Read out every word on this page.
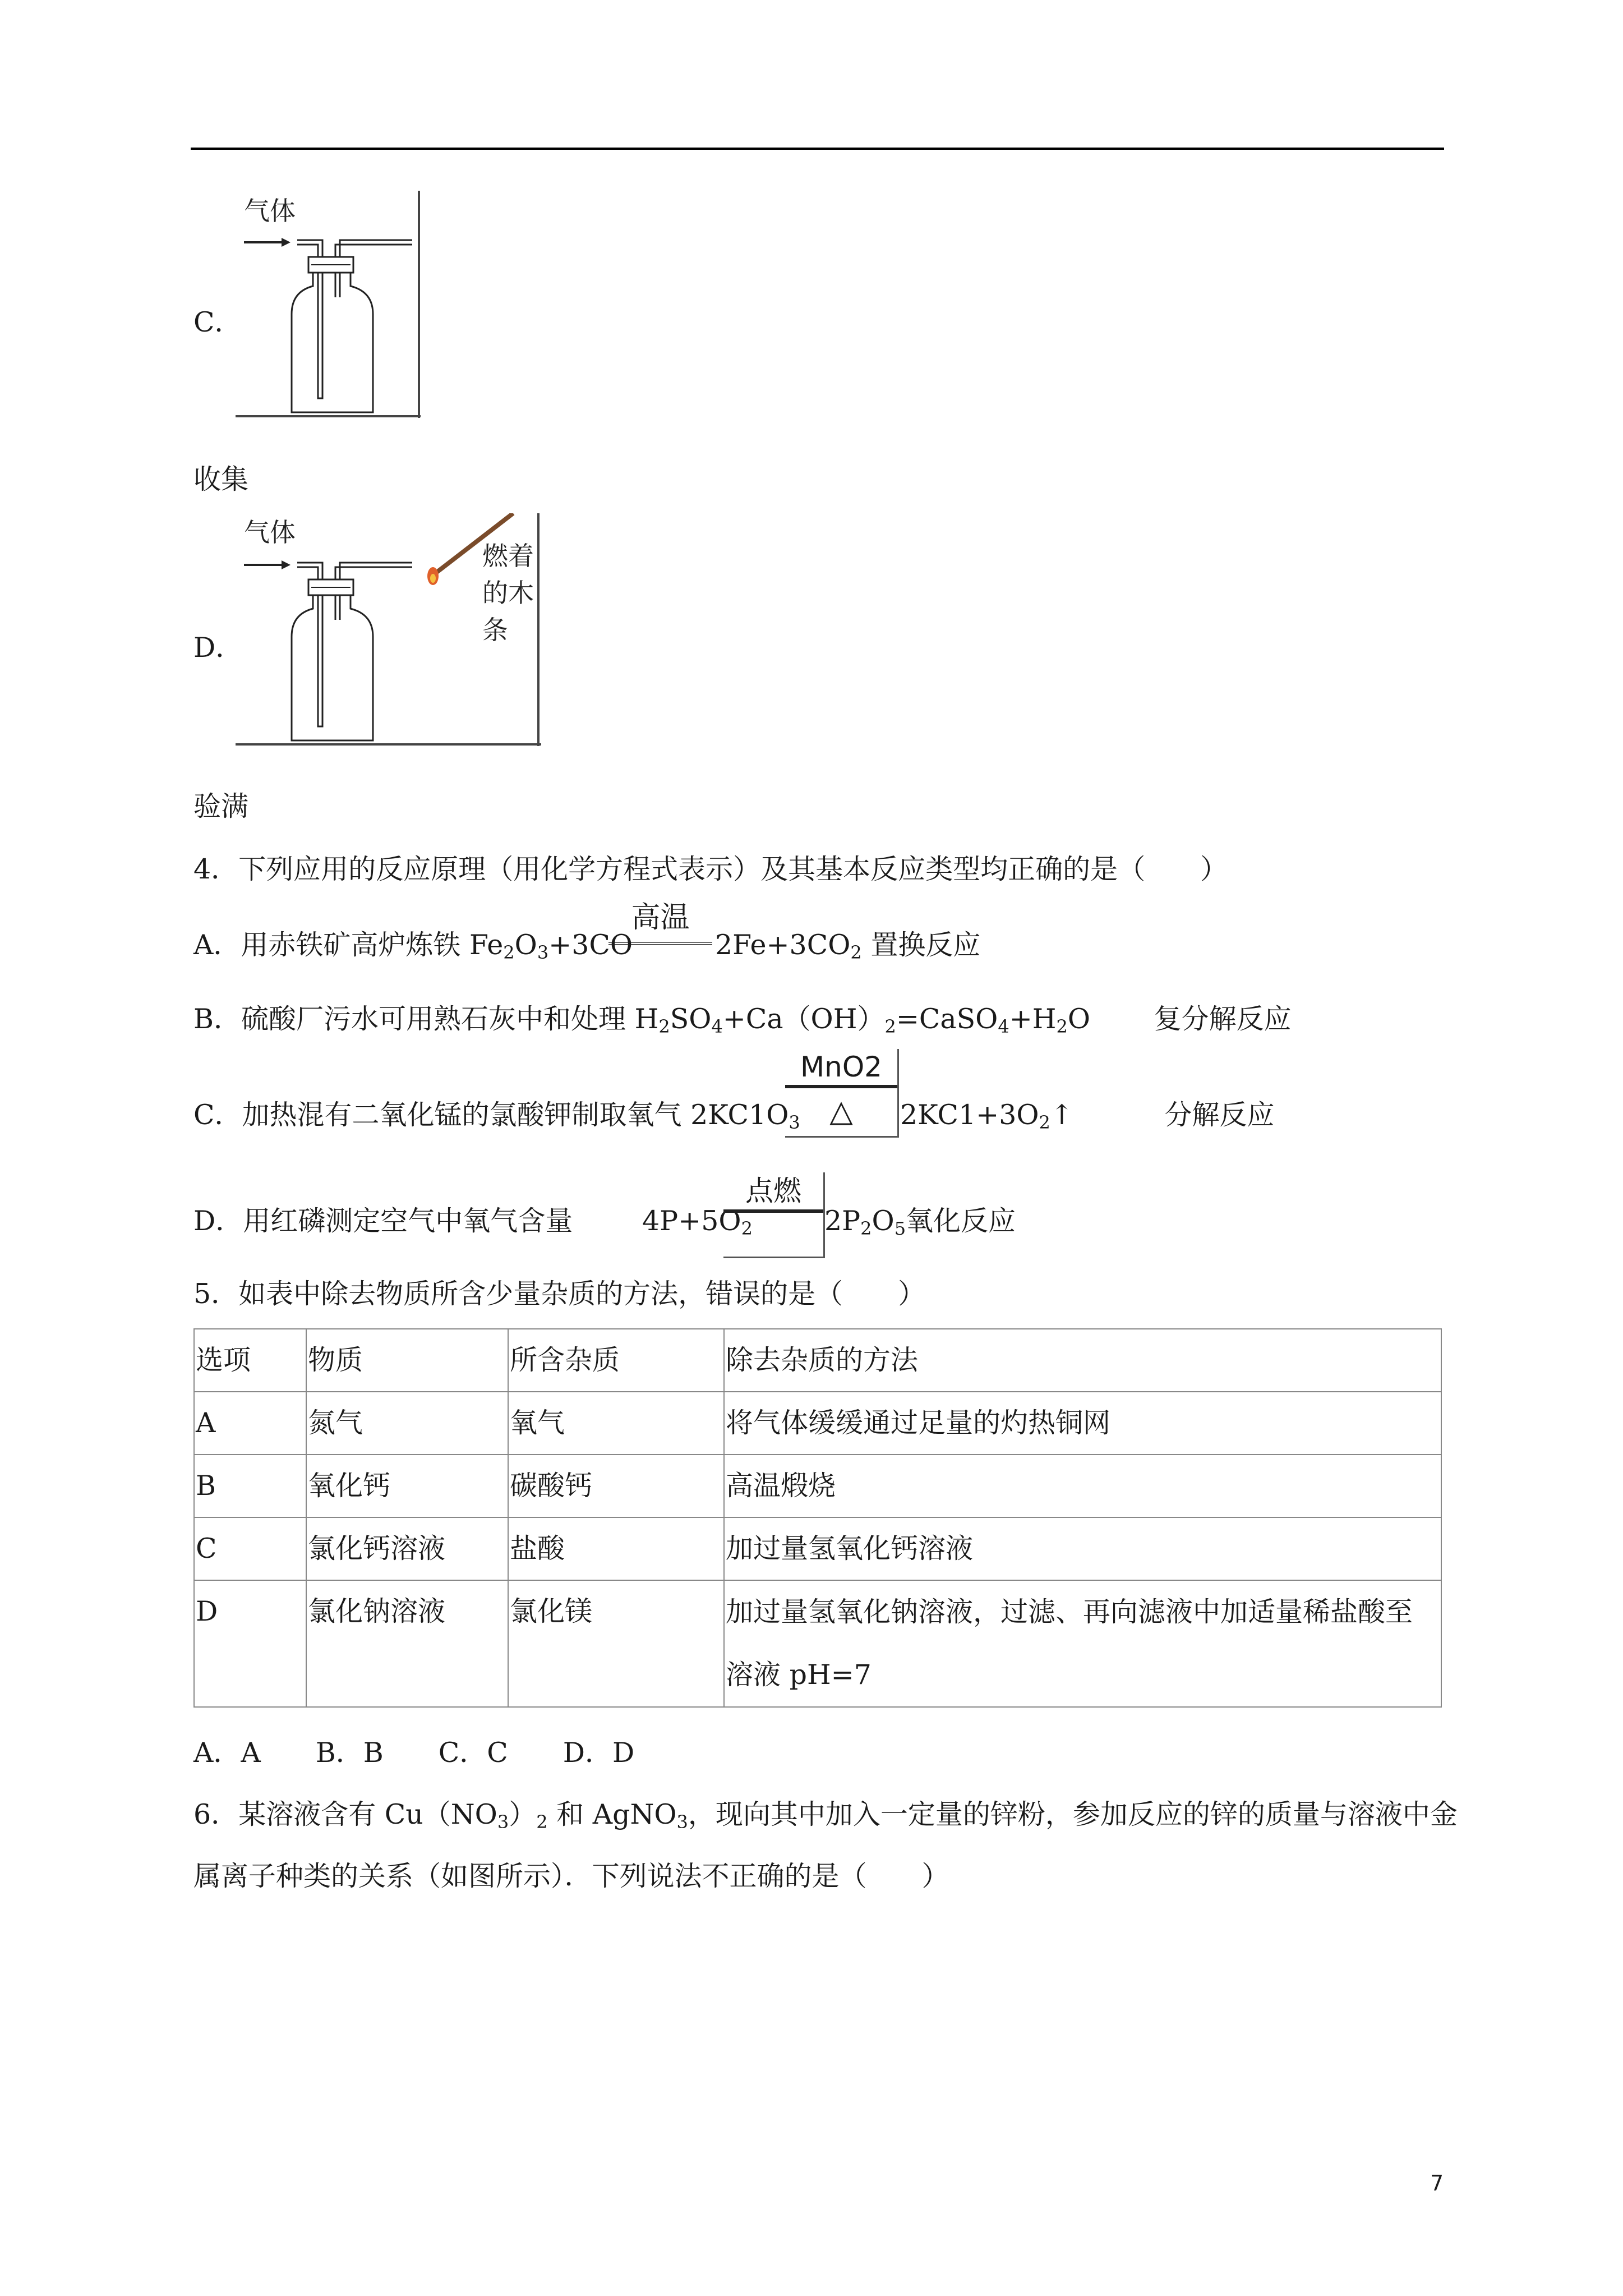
气体
C．
收集
气体
燃着
的木
条
D．
验满
4．下列应用的反应原理（用化学方程式表示）及其基本反应类型均正确的是（　　）
A．用赤铁矿高炉炼铁 $Fe_2O_3+3CO$
高温
$2Fe+3CO_2$ 置换反应
B．硫酸厂污水可用熟石灰中和处理 $H_2SO_4+Ca(OH)_2=CaSO_4+H_2O$　　 复分解反应
C．加热混有二氧化锰的氯酸钾制取氧气 $2KC1O_3$
MnO2
△	$2KC1+3O_2↑$　　 　分解反应
D．用红磷测定空气中氧气含量	$4P+5O_2$
点燃
$2P_2O_5$氧化反应
5．如表中除去物质所含少量杂质的方法，错误的是（　　）
选项	物质	所含杂质	除去杂质的方法
A	氮气	氧气	将气体缓缓通过足量的灼热铜网
B	氧化钙	碳酸钙	高温煅烧
C	氯化钙溶液	盐酸	加过量氢氧化钙溶液
D	氯化钠溶液	氯化镁	加过量氢氧化钠溶液，过滤、再向滤液中加适量稀盐酸至溶液 pH=7
A．A　　B．B　　C．C　　D．D
6．某溶液含有 $Cu(NO_3)_2$ 和 AgNO$_3$，现向其中加入一定量的锌粉，参加反应的锌的质量与溶液中金
属离子种类的关系（如图所示）．下列说法不正确的是（　　）
7
